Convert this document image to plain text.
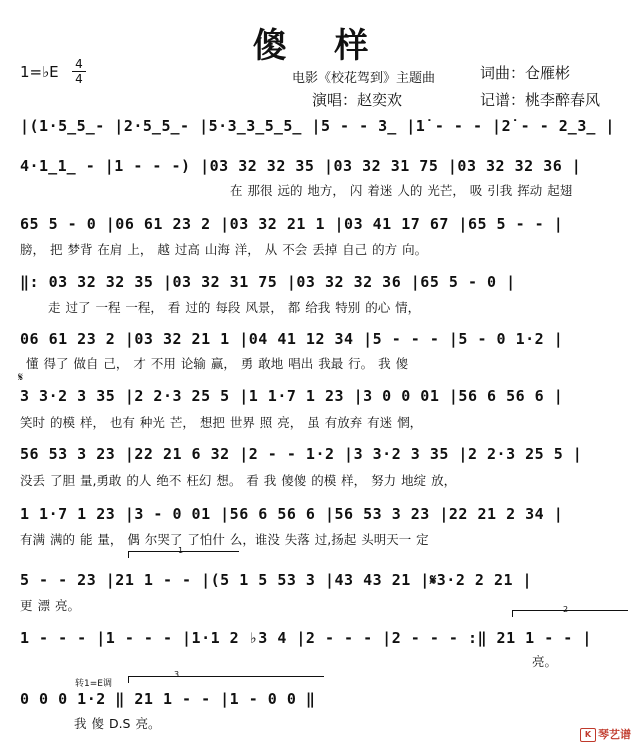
傻 样
1=♭E 4
4	电影《校花驾到》主题曲	词曲：仓雁彬
演唱：赵奕欢	记谱：桃李醉春风
|(1·5̲5̲- |2·5̲5̲- |5·3̲3̲5̲5̲ |5 - - 3̲ |1̇ - - - |2̇ - - 2̲3̲ |
4·1̲1̲ - |1 - - -) |03 32 32 35 |03 32 31 75 |03 32 32 36 |
在 那很 远的 地方， 闪 着迷 人的 光芒， 吸 引我 挥动 起翅
65 5 - 0 |06 61 23 2 |03 32 21 1 |03 41 17 67 |65 5 - - |
膀， 把 梦背 在肩 上， 越 过高 山海 洋， 从 不会 丢掉 自己 的方 向。
‖: 03 32 32 35 |03 32 31 75 |03 32 32 36 |65 5 - 0 |
走 过了 一程 一程， 看 过的 每段 风景， 都 给我 特别 的心 情，
06 61 23 2 |03 32 21 1 |04 41 12 34 |5 - - - |5 - 0 1·2 |
懂 得了 做自 己， 才 不用 论输 赢， 勇 敢地 唱出 我最 行。 我 傻
𝄋
3 3·2 3 35 |2 2·3 25 5 |1 1·7 1 23 |3 0 0 01 |56 6 56 6 |
笑时 的模 样， 也有 种光 芒， 想把 世界 照 亮， 虽 有放弃 有迷 惘，
56 53 3 23 |22 21 6 32 |2 - - 1·2 |3 3·2 3 35 |2 2·3 25 5 |
没丢 了胆 量,勇敢 的人 绝不 枉幻 想。 看 我 傻傻 的模 样， 努力 地绽 放，
1 1·7 1 23 |3 - 0 01 |56 6 56 6 |56 53 3 23 |22 21 2 34 |
有满 满的 能 量， 偶 尔哭了 了怕什 么，谁没 失落 过,扬起 头明天一 定
1
5 - - 23 |21 1 - - |(5 1 5 53 3 |43 43 21 |𝄋3·2 2 21 |
更 漂 亮。	2
1 - - - |1 - - - |1·1 2 ♭3 4 |2 - - - |2 - - - :‖ 21 1 - - |
亮。
转1=E调
3
0 0 0 1·2 ‖ 21 1 - - |1 - 0 0 ‖
我 傻 D.S 亮。
K 琴艺谱
